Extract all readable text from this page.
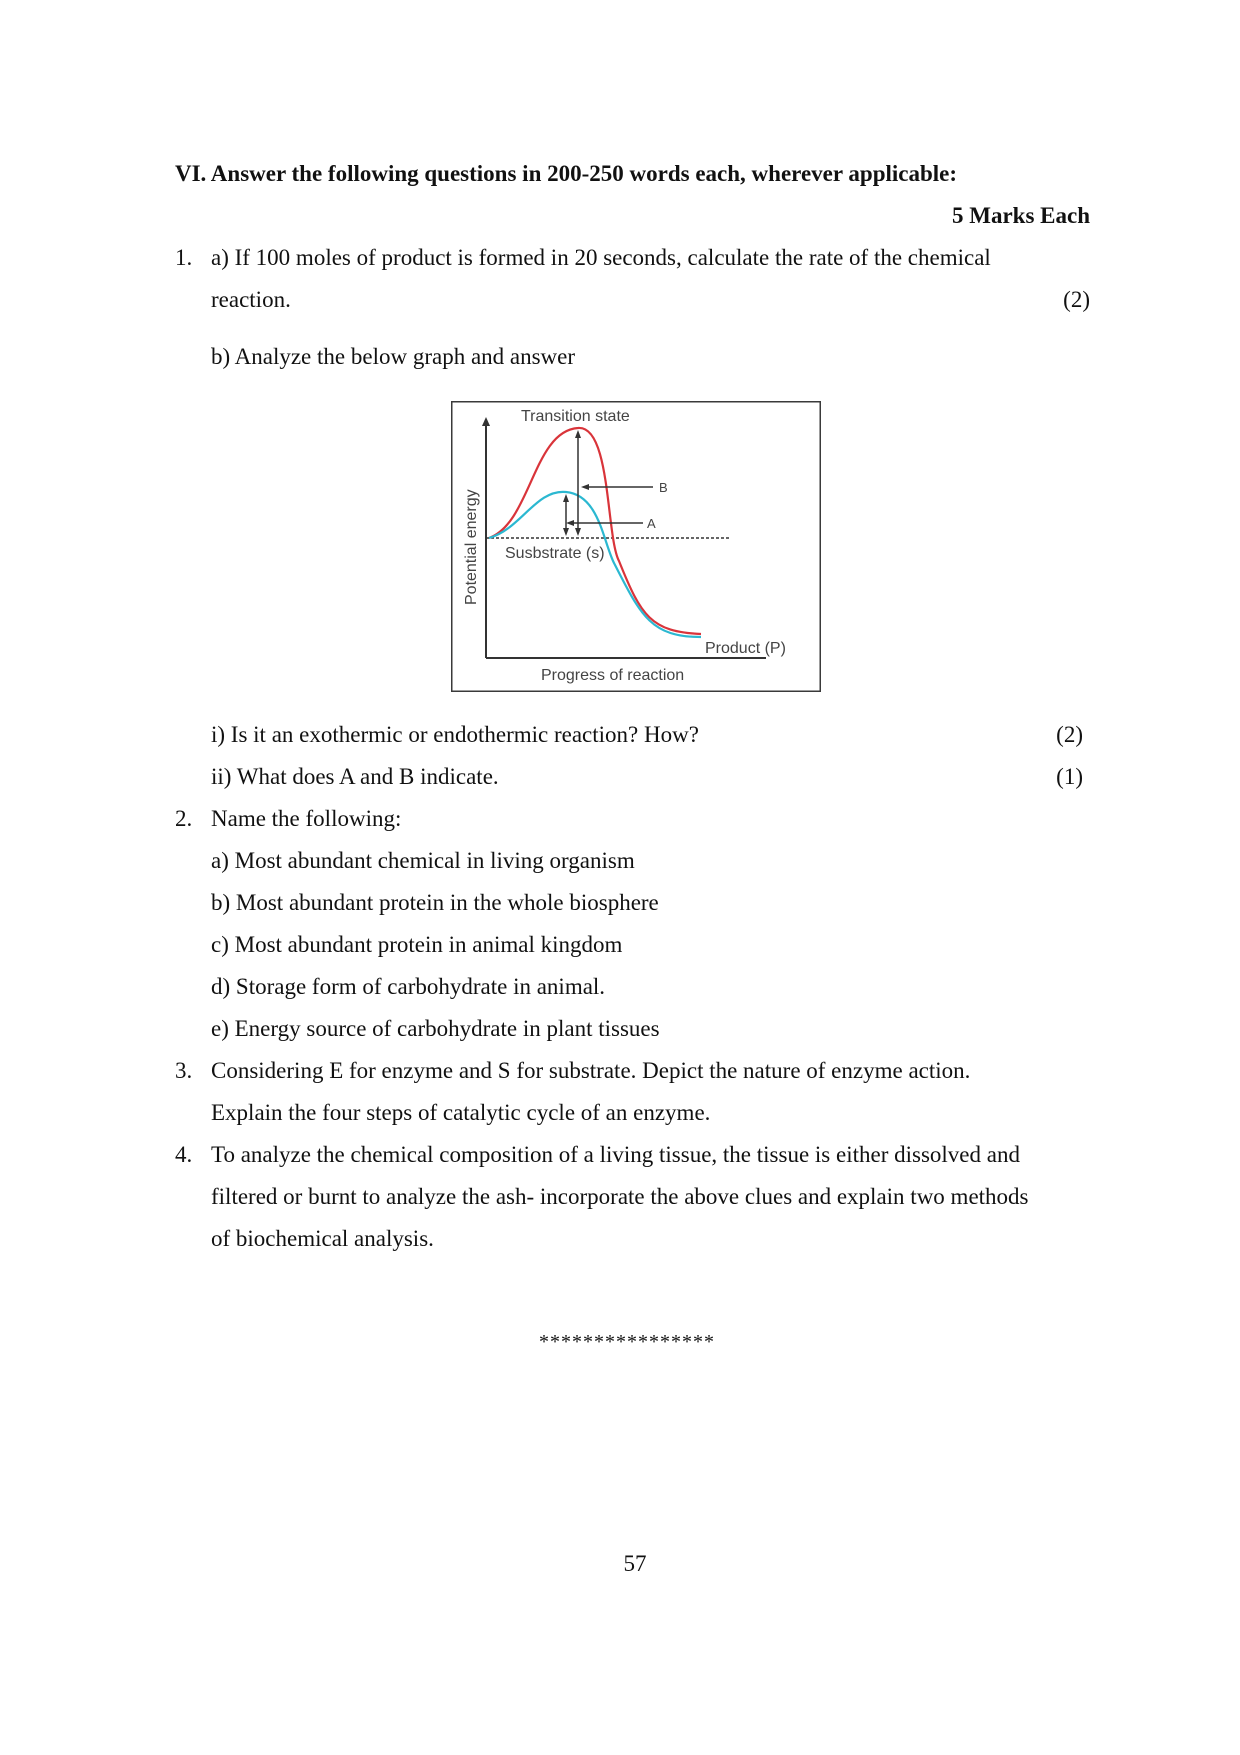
VI. Answer the following questions in 200-250 words each, wherever applicable:
5 Marks Each
1. a) If 100 moles of product is formed in 20 seconds, calculate the rate of the chemical
reaction.	(2)
b) Analyze the below graph and answer
Transition state
B
A
Susbstrate (s)
Product (P)
Progress of reaction
Potential energy
i) Is it an exothermic or endothermic reaction? How?	(2)
ii) What does A and B indicate.	(1)
2. Name the following:
a) Most abundant chemical in living organism
b) Most abundant protein in the whole biosphere
c) Most abundant protein in animal kingdom
d) Storage form of carbohydrate in animal.
e) Energy source of carbohydrate in plant tissues
3. Considering E for enzyme and S for substrate. Depict the nature of enzyme action.
Explain the four steps of catalytic cycle of an enzyme.
4. To analyze the chemical composition of a living tissue, the tissue is either dissolved and
filtered or burnt to analyze the ash- incorporate the above clues and explain two methods
of biochemical analysis.
****************
57
